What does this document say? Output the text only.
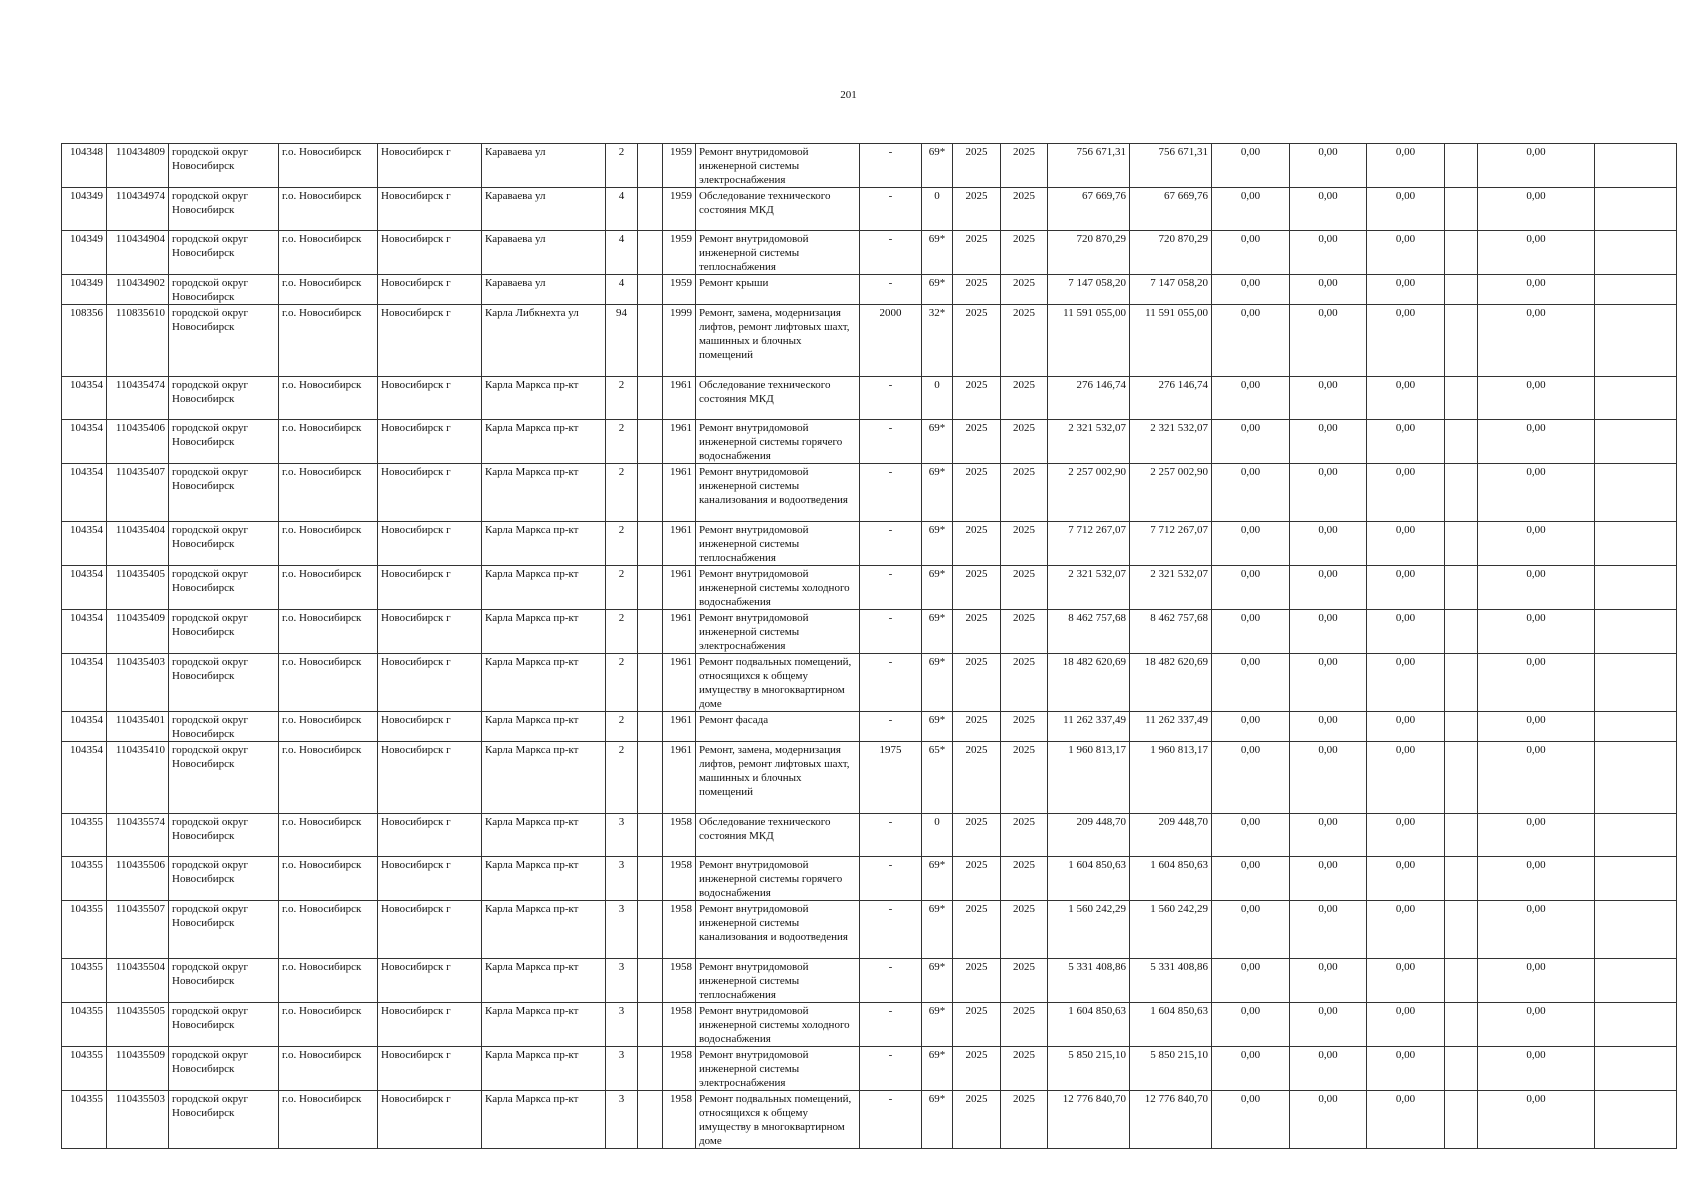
201
104348	110434809	городской округ Новосибирск	г.о. Новосибирск	Новосибирск г	Караваева ул	2		1959	Ремонт внутридомовой инженерной системы электроснабжения	-	69*	2025	2025	756 671,31	756 671,31	0,00	0,00	0,00		0,00	
104349	110434974	городской округ Новосибирск	г.о. Новосибирск	Новосибирск г	Караваева ул	4		1959	Обследование технического состояния МКД	-	0	2025	2025	67 669,76	67 669,76	0,00	0,00	0,00		0,00	
104349	110434904	городской округ Новосибирск	г.о. Новосибирск	Новосибирск г	Караваева ул	4		1959	Ремонт внутридомовой инженерной системы теплоснабжения	-	69*	2025	2025	720 870,29	720 870,29	0,00	0,00	0,00		0,00	
104349	110434902	городской округ Новосибирск	г.о. Новосибирск	Новосибирск г	Караваева ул	4		1959	Ремонт крыши	-	69*	2025	2025	7 147 058,20	7 147 058,20	0,00	0,00	0,00		0,00	
108356	110835610	городской округ Новосибирск	г.о. Новосибирск	Новосибирск г	Карла Либкнехта ул	94		1999	Ремонт, замена, модернизация лифтов, ремонт лифтовых шахт, машинных и блочных помещений	2000	32*	2025	2025	11 591 055,00	11 591 055,00	0,00	0,00	0,00		0,00	
104354	110435474	городской округ Новосибирск	г.о. Новосибирск	Новосибирск г	Карла Маркса пр-кт	2		1961	Обследование технического состояния МКД	-	0	2025	2025	276 146,74	276 146,74	0,00	0,00	0,00		0,00	
104354	110435406	городской округ Новосибирск	г.о. Новосибирск	Новосибирск г	Карла Маркса пр-кт	2		1961	Ремонт внутридомовой инженерной системы горячего водоснабжения	-	69*	2025	2025	2 321 532,07	2 321 532,07	0,00	0,00	0,00		0,00	
104354	110435407	городской округ Новосибирск	г.о. Новосибирск	Новосибирск г	Карла Маркса пр-кт	2		1961	Ремонт внутридомовой инженерной системы канализования и водоотведения	-	69*	2025	2025	2 257 002,90	2 257 002,90	0,00	0,00	0,00		0,00	
104354	110435404	городской округ Новосибирск	г.о. Новосибирск	Новосибирск г	Карла Маркса пр-кт	2		1961	Ремонт внутридомовой инженерной системы теплоснабжения	-	69*	2025	2025	7 712 267,07	7 712 267,07	0,00	0,00	0,00		0,00	
104354	110435405	городской округ Новосибирск	г.о. Новосибирск	Новосибирск г	Карла Маркса пр-кт	2		1961	Ремонт внутридомовой инженерной системы холодного водоснабжения	-	69*	2025	2025	2 321 532,07	2 321 532,07	0,00	0,00	0,00		0,00	
104354	110435409	городской округ Новосибирск	г.о. Новосибирск	Новосибирск г	Карла Маркса пр-кт	2		1961	Ремонт внутридомовой инженерной системы электроснабжения	-	69*	2025	2025	8 462 757,68	8 462 757,68	0,00	0,00	0,00		0,00	
104354	110435403	городской округ Новосибирск	г.о. Новосибирск	Новосибирск г	Карла Маркса пр-кт	2		1961	Ремонт подвальных помещений, относящихся к общему имуществу в многоквартирном доме	-	69*	2025	2025	18 482 620,69	18 482 620,69	0,00	0,00	0,00		0,00	
104354	110435401	городской округ Новосибирск	г.о. Новосибирск	Новосибирск г	Карла Маркса пр-кт	2		1961	Ремонт фасада	-	69*	2025	2025	11 262 337,49	11 262 337,49	0,00	0,00	0,00		0,00	
104354	110435410	городской округ Новосибирск	г.о. Новосибирск	Новосибирск г	Карла Маркса пр-кт	2		1961	Ремонт, замена, модернизация лифтов, ремонт лифтовых шахт, машинных и блочных помещений	1975	65*	2025	2025	1 960 813,17	1 960 813,17	0,00	0,00	0,00		0,00	
104355	110435574	городской округ Новосибирск	г.о. Новосибирск	Новосибирск г	Карла Маркса пр-кт	3		1958	Обследование технического состояния МКД	-	0	2025	2025	209 448,70	209 448,70	0,00	0,00	0,00		0,00	
104355	110435506	городской округ Новосибирск	г.о. Новосибирск	Новосибирск г	Карла Маркса пр-кт	3		1958	Ремонт внутридомовой инженерной системы горячего водоснабжения	-	69*	2025	2025	1 604 850,63	1 604 850,63	0,00	0,00	0,00		0,00	
104355	110435507	городской округ Новосибирск	г.о. Новосибирск	Новосибирск г	Карла Маркса пр-кт	3		1958	Ремонт внутридомовой инженерной системы канализования и водоотведения	-	69*	2025	2025	1 560 242,29	1 560 242,29	0,00	0,00	0,00		0,00	
104355	110435504	городской округ Новосибирск	г.о. Новосибирск	Новосибирск г	Карла Маркса пр-кт	3		1958	Ремонт внутридомовой инженерной системы теплоснабжения	-	69*	2025	2025	5 331 408,86	5 331 408,86	0,00	0,00	0,00		0,00	
104355	110435505	городской округ Новосибирск	г.о. Новосибирск	Новосибирск г	Карла Маркса пр-кт	3		1958	Ремонт внутридомовой инженерной системы холодного водоснабжения	-	69*	2025	2025	1 604 850,63	1 604 850,63	0,00	0,00	0,00		0,00	
104355	110435509	городской округ Новосибирск	г.о. Новосибирск	Новосибирск г	Карла Маркса пр-кт	3		1958	Ремонт внутридомовой инженерной системы электроснабжения	-	69*	2025	2025	5 850 215,10	5 850 215,10	0,00	0,00	0,00		0,00	
104355	110435503	городской округ Новосибирск	г.о. Новосибирск	Новосибирск г	Карла Маркса пр-кт	3		1958	Ремонт подвальных помещений, относящихся к общему имуществу в многоквартирном доме	-	69*	2025	2025	12 776 840,70	12 776 840,70	0,00	0,00	0,00		0,00	
